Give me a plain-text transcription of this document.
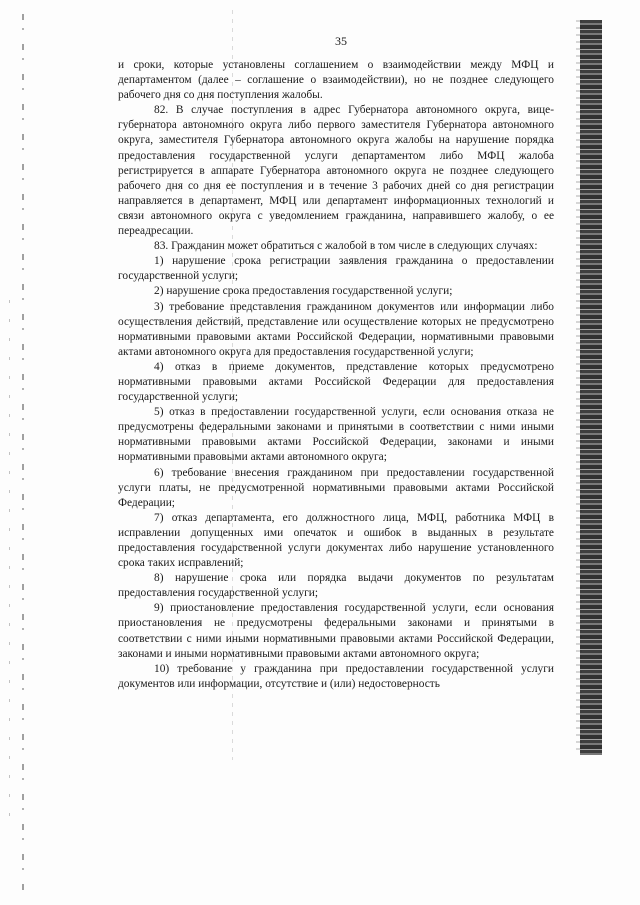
35

и сроки, которые установлены соглашением о взаимодействии между МФЦ и департаментом (далее – соглашение о взаимодействии), но не позднее следующего рабочего дня со дня поступления жалобы.

82. В случае поступления в адрес Губернатора автономного округа, вице-губернатора автономного округа либо первого заместителя Губернатора автономного округа, заместителя Губернатора автономного округа жалобы на нарушение порядка предоставления государственной услуги департаментом либо МФЦ жалоба регистрируется в аппарате Губернатора автономного округа не позднее следующего рабочего дня со дня ее поступления и в течение 3 рабочих дней со дня регистрации направляется в департамент, МФЦ или департамент информационных технологий и связи автономного округа с уведомлением гражданина, направившего жалобу, о ее переадресации.

83. Гражданин может обратиться с жалобой в том числе в следующих случаях:

1) нарушение срока регистрации заявления гражданина о предоставлении государственной услуги;

2) нарушение срока предоставления государственной услуги;

3) требование представления гражданином документов или информации либо осуществления действий, представление или осуществление которых не предусмотрено нормативными правовыми актами Российской Федерации, нормативными правовыми актами автономного округа для предоставления государственной услуги;

4) отказ в приеме документов, представление которых предусмотрено нормативными правовыми актами Российской Федерации для предоставления государственной услуги;

5) отказ в предоставлении государственной услуги, если основания отказа не предусмотрены федеральными законами и принятыми в соответствии с ними иными нормативными правовыми актами Российской Федерации, законами и иными нормативными правовыми актами автономного округа;

6) требование внесения гражданином при предоставлении государственной услуги платы, не предусмотренной нормативными правовыми актами Российской Федерации;

7) отказ департамента, его должностного лица, МФЦ, работника МФЦ в исправлении допущенных ими опечаток и ошибок в выданных в результате предоставления государственной услуги документах либо нарушение установленного срока таких исправлений;

8) нарушение срока или порядка выдачи документов по результатам предоставления государственной услуги;

9) приостановление предоставления государственной услуги, если основания приостановления не предусмотрены федеральными законами и принятыми в соответствии с ними иными нормативными правовыми актами Российской Федерации, законами и иными нормативными правовыми актами автономного округа;

10) требование у гражданина при предоставлении государственной услуги документов или информации, отсутствие и (или) недостоверность
